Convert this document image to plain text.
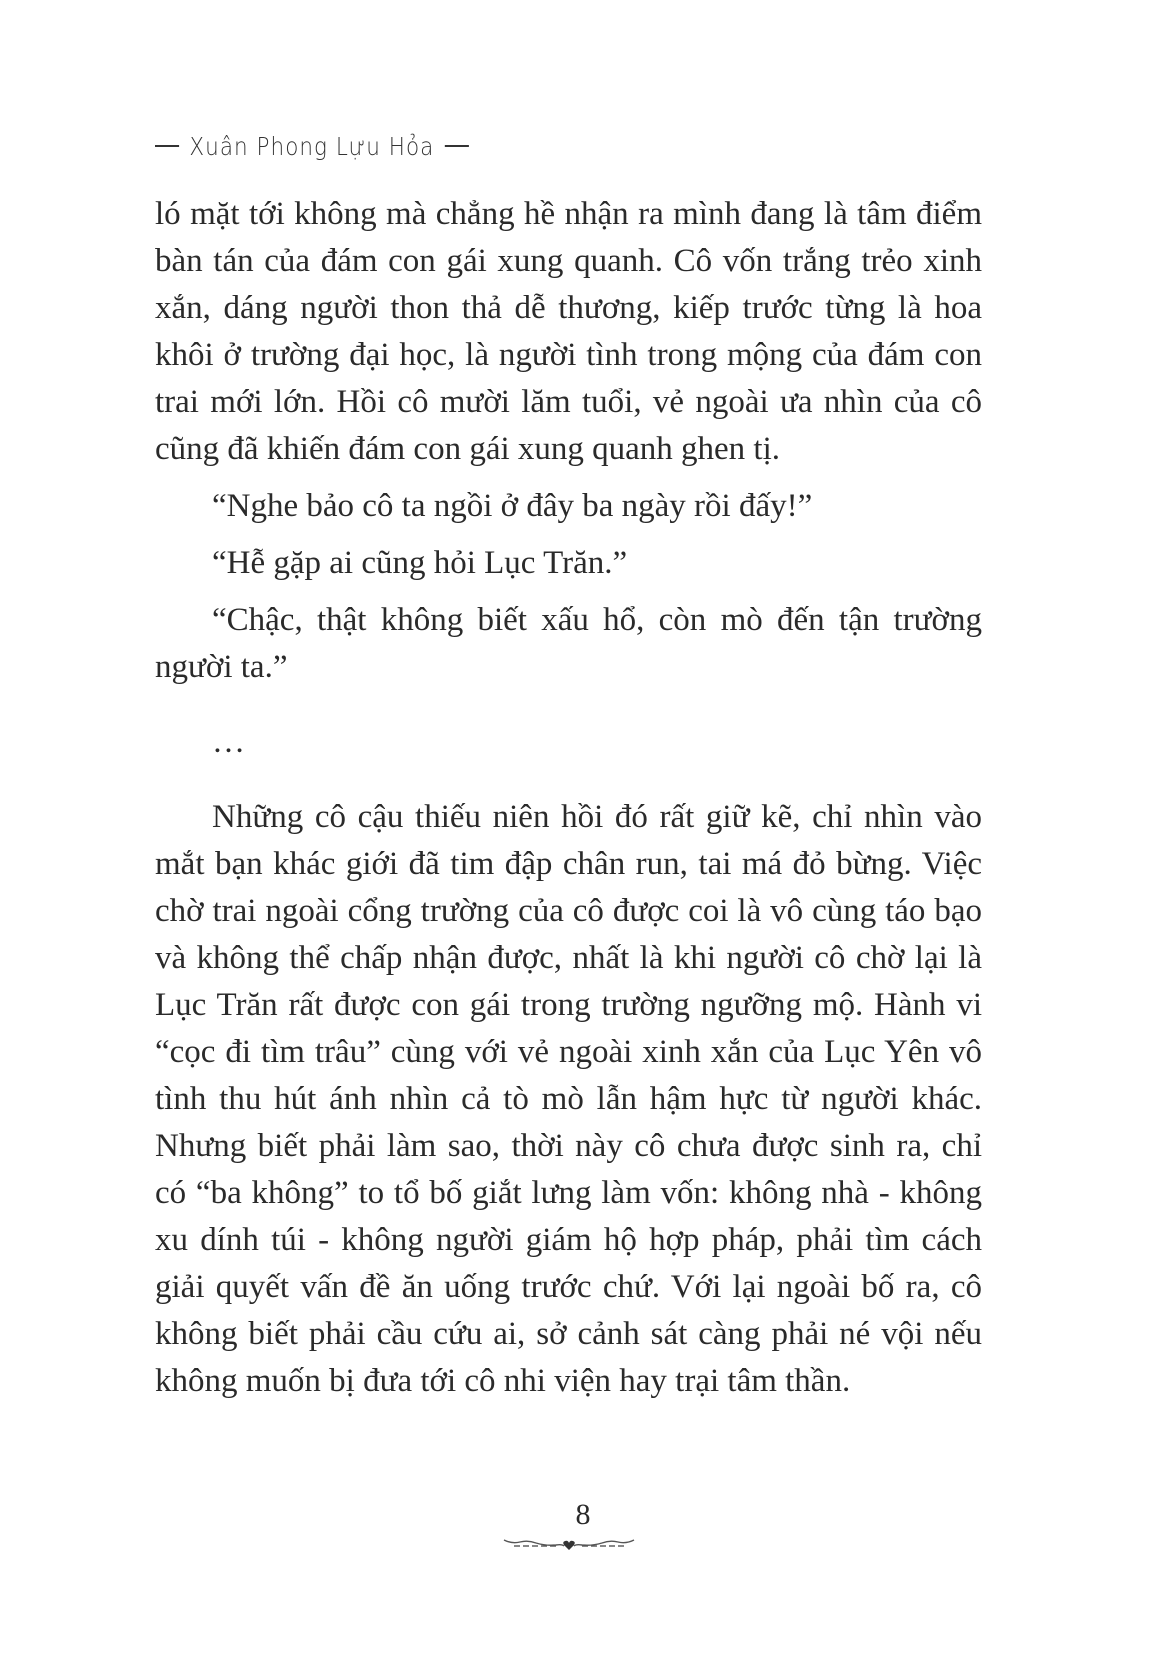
Xuân Phong Lựu Hỏa

ló mặt tới không mà chẳng hề nhận ra mình đang là tâm điểm bàn tán của đám con gái xung quanh. Cô vốn trắng trẻo xinh xắn, dáng người thon thả dễ thương, kiếp trước từng là hoa khôi ở trường đại học, là người tình trong mộng của đám con trai mới lớn. Hồi cô mười lăm tuổi, vẻ ngoài ưa nhìn của cô cũng đã khiến đám con gái xung quanh ghen tị.

“Nghe bảo cô ta ngồi ở đây ba ngày rồi đấy!”

“Hễ gặp ai cũng hỏi Lục Trăn.”

“Chậc, thật không biết xấu hổ, còn mò đến tận trường người ta.”

…

Những cô cậu thiếu niên hồi đó rất giữ kẽ, chỉ nhìn vào mắt bạn khác giới đã tim đập chân run, tai má đỏ bừng. Việc chờ trai ngoài cổng trường của cô được coi là vô cùng táo bạo và không thể chấp nhận được, nhất là khi người cô chờ lại là Lục Trăn rất được con gái trong trường ngưỡng mộ. Hành vi “cọc đi tìm trâu” cùng với vẻ ngoài xinh xắn của Lục Yên vô tình thu hút ánh nhìn cả tò mò lẫn hậm hực từ người khác. Nhưng biết phải làm sao, thời này cô chưa được sinh ra, chỉ có “ba không” to tổ bố giắt lưng làm vốn: không nhà - không xu dính túi - không người giám hộ hợp pháp, phải tìm cách giải quyết vấn đề ăn uống trước chứ. Với lại ngoài bố ra, cô không biết phải cầu cứu ai, sở cảnh sát càng phải né vội nếu không muốn bị đưa tới cô nhi viện hay trại tâm thần.

8
